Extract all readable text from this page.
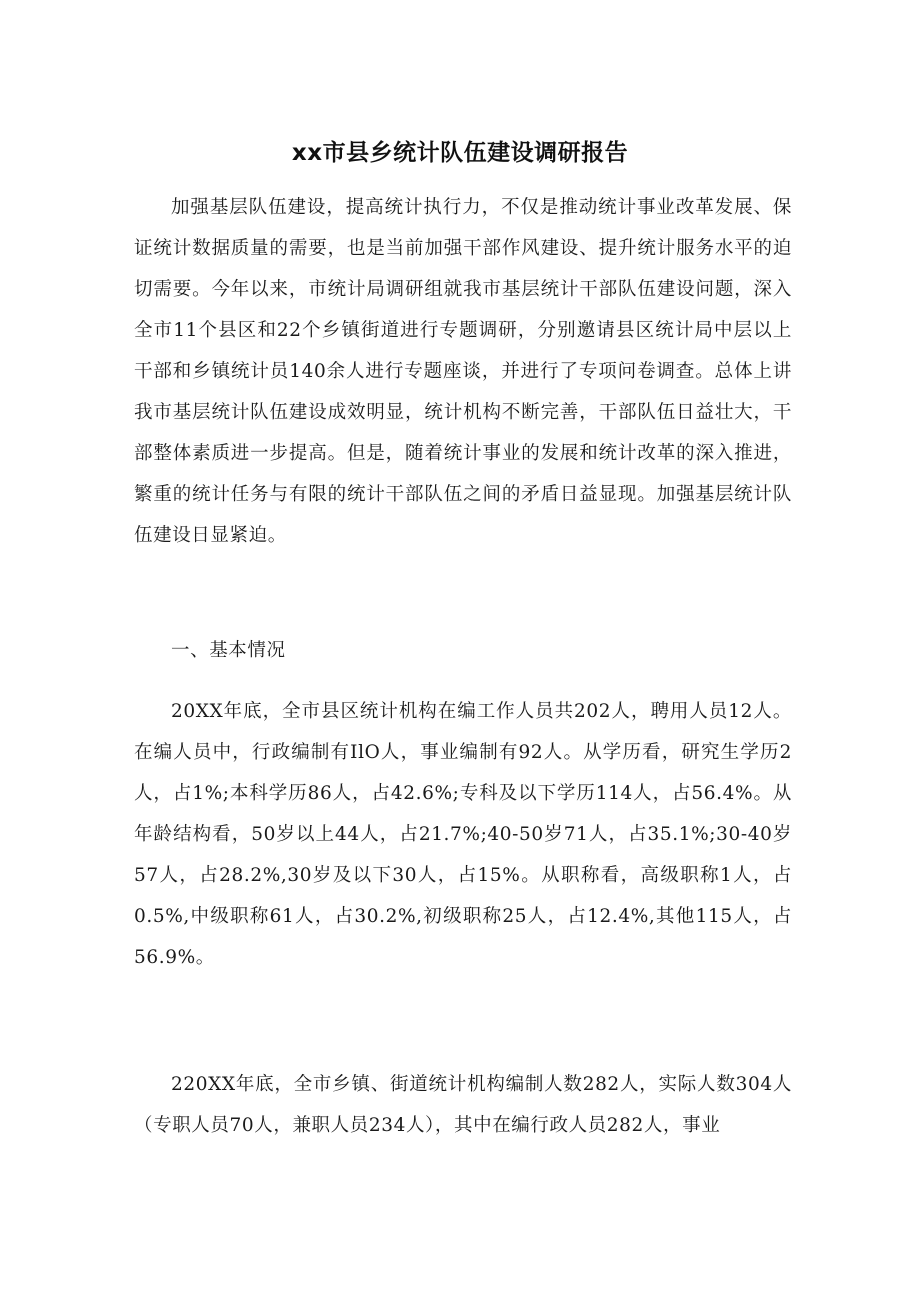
xx市县乡统计队伍建设调研报告

加强基层队伍建设，提高统计执行力，不仅是推动统计事业改革发展、保证统计数据质量的需要，也是当前加强干部作风建设、提升统计服务水平的迫切需要。今年以来，市统计局调研组就我市基层统计干部队伍建设问题，深入全市11个县区和22个乡镇街道进行专题调研，分别邀请县区统计局中层以上干部和乡镇统计员140余人进行专题座谈，并进行了专项问卷调查。总体上讲我市基层统计队伍建设成效明显，统计机构不断完善，干部队伍日益壮大，干部整体素质进一步提高。但是，随着统计事业的发展和统计改革的深入推进，繁重的统计任务与有限的统计干部队伍之间的矛盾日益显现。加强基层统计队伍建设日显紧迫。

一、基本情况

20XX年底，全市县区统计机构在编工作人员共202人，聘用人员12人。在编人员中，行政编制有IlO人，事业编制有92人。从学历看，研究生学历2人，占1%;本科学历86人，占42.6%;专科及以下学历114人，占56.4%。从年龄结构看，50岁以上44人，占21.7%;40-50岁71人，占35.1%;30-40岁57人，占28.2%,30岁及以下30人，占15%。从职称看，高级职称1人，占0.5%,中级职称61人，占30.2%,初级职称25人，占12.4%,其他115人，占56.9%。

220XX年底，全市乡镇、街道统计机构编制人数282人，实际人数304人（专职人员70人，兼职人员234人），其中在编行政人员282人，事业
